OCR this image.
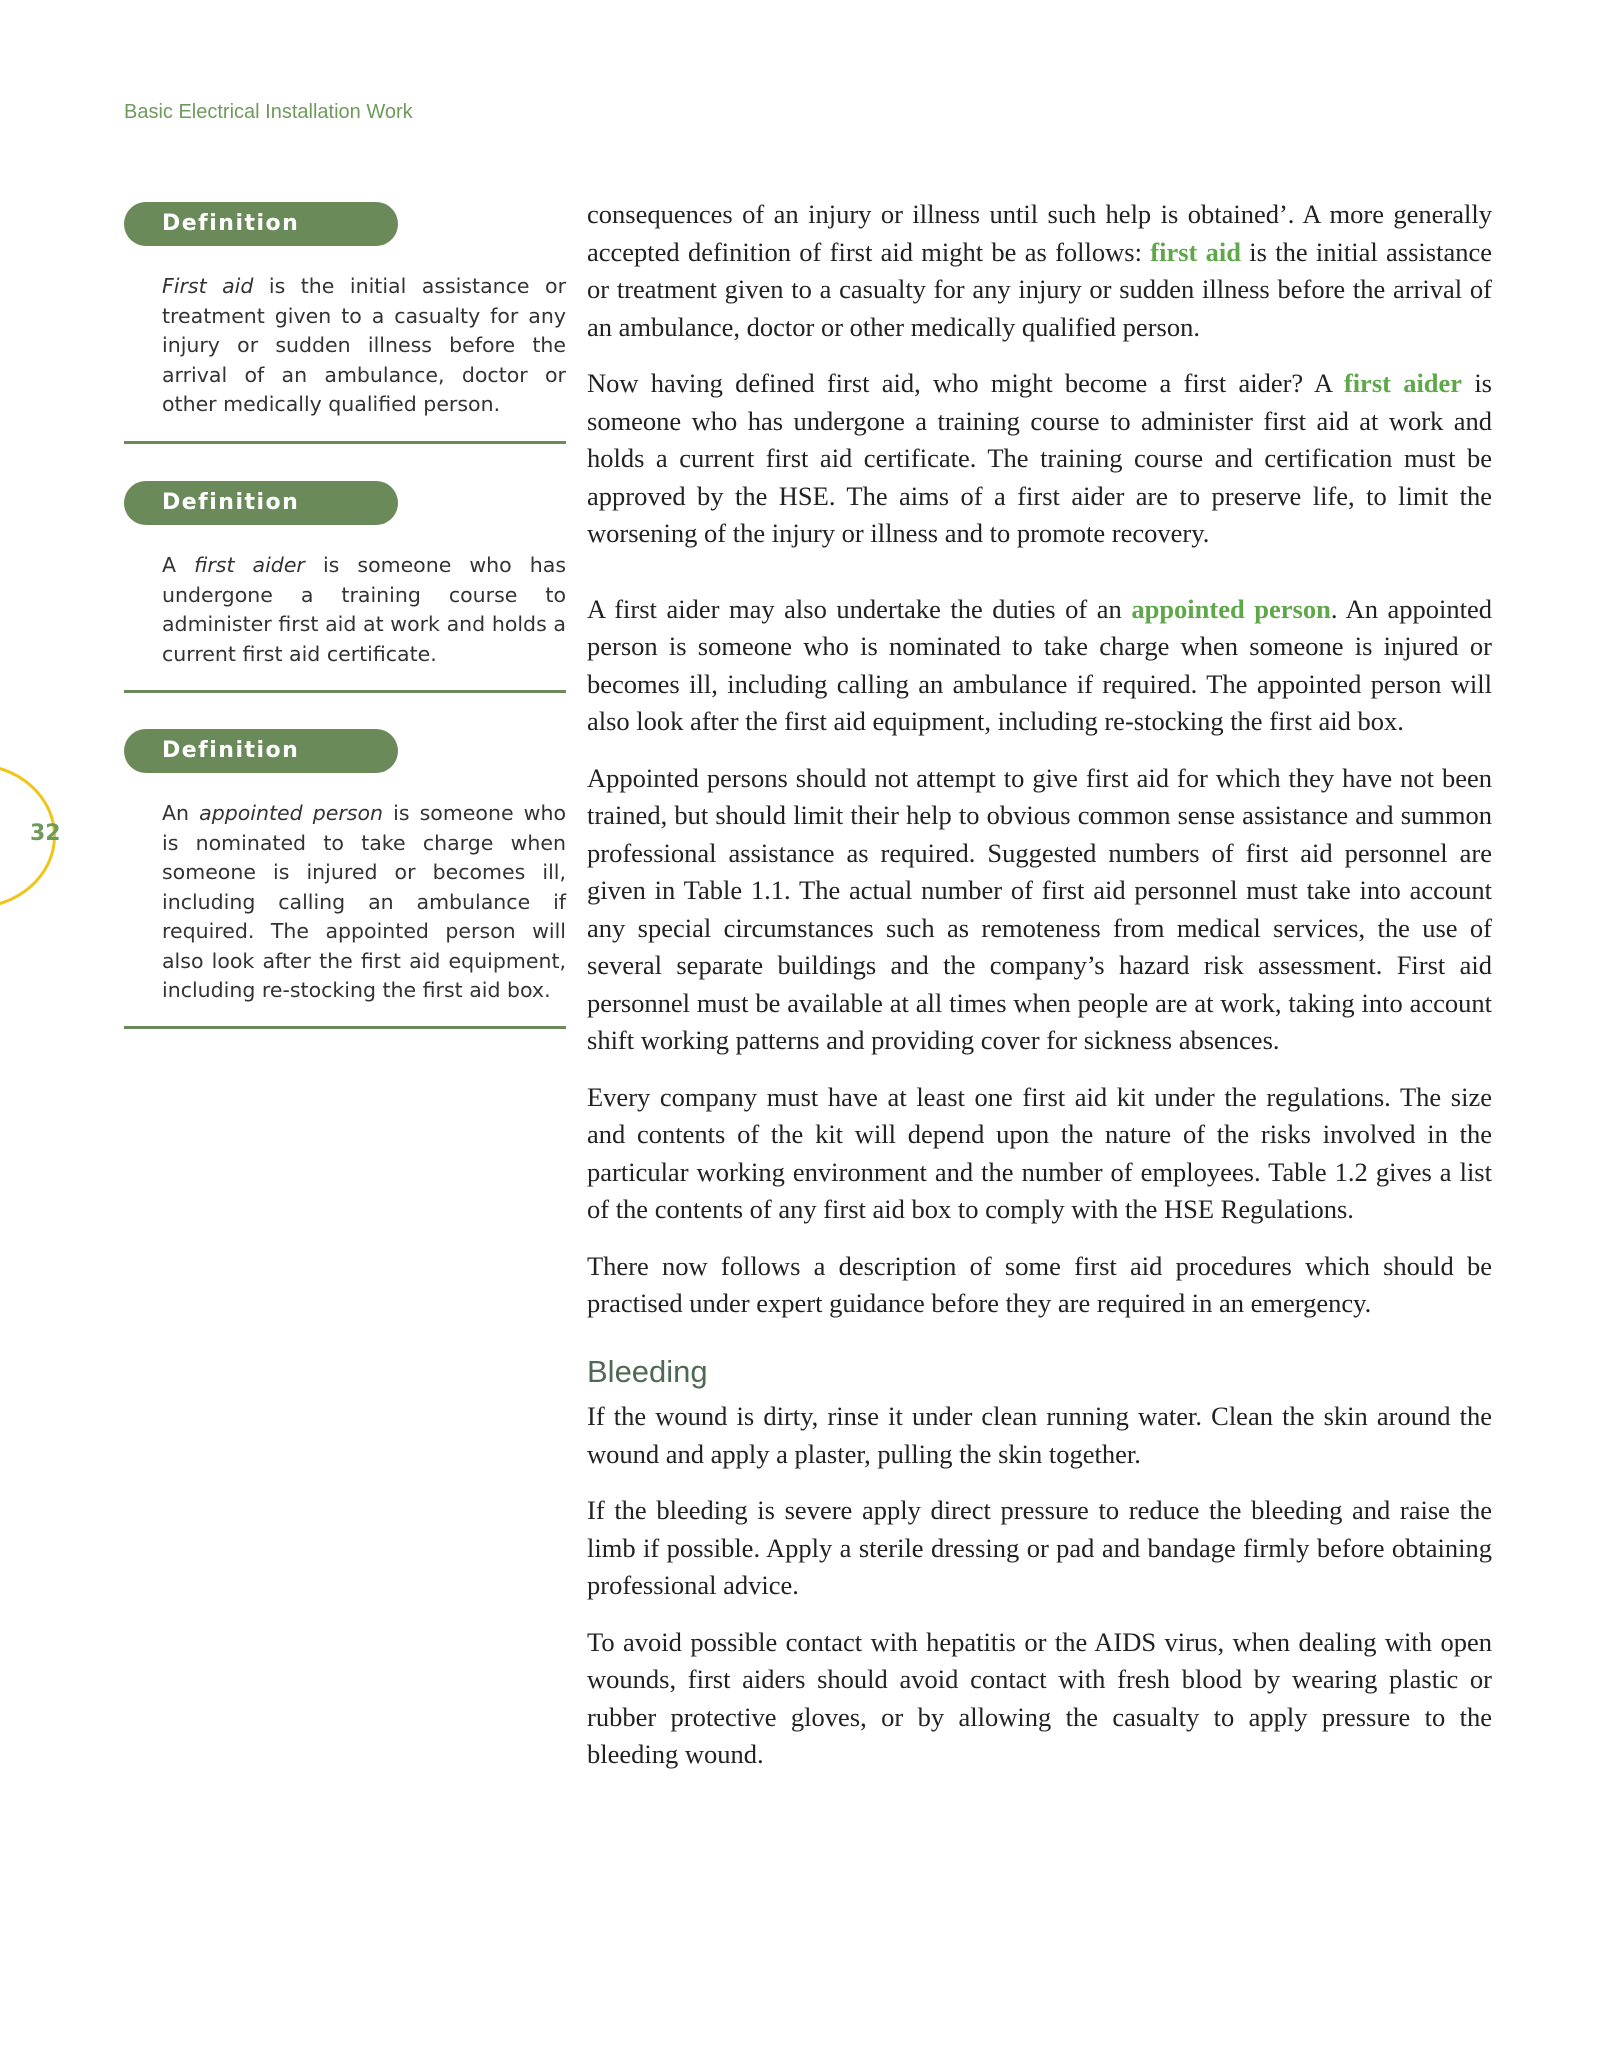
Basic Electrical Installation Work
32
Definition
First aid is the initial assistance or treatment given to a casualty for any injury or sudden illness before the arrival of an ambulance, doctor or other medically qualified person.
Definition
A first aider is someone who has undergone a training course to administer first aid at work and holds a current first aid certificate.
Definition
An appointed person is someone who is nominated to take charge when someone is injured or becomes ill, including calling an ambulance if required. The appointed person will also look after the first aid equipment, including re-stocking the first aid box.

consequences of an injury or illness until such help is obtained’. A more generally accepted definition of first aid might be as follows: first aid is the initial assistance or treatment given to a casualty for any injury or sudden illness before the arrival of an ambulance, doctor or other medically qualified person.

Now having defined first aid, who might become a first aider? A first aider is someone who has undergone a training course to administer first aid at work and holds a current first aid certificate. The training course and certification must be approved by the HSE. The aims of a first aider are to preserve life, to limit the worsening of the injury or illness and to promote recovery.

A first aider may also undertake the duties of an appointed person. An appointed person is someone who is nominated to take charge when someone is injured or becomes ill, including calling an ambulance if required. The appointed person will also look after the first aid equipment, including re-stocking the first aid box.

Appointed persons should not attempt to give first aid for which they have not been trained, but should limit their help to obvious common sense assistance and summon professional assistance as required. Suggested numbers of first aid personnel are given in Table 1.1. The actual number of first aid personnel must take into account any special circumstances such as remoteness from medical services, the use of several separate buildings and the company’s hazard risk assessment. First aid personnel must be available at all times when people are at work, taking into account shift working patterns and providing cover for sickness absences.

Every company must have at least one first aid kit under the regulations. The size and contents of the kit will depend upon the nature of the risks involved in the particular working environment and the number of employees. Table 1.2 gives a list of the contents of any first aid box to comply with the HSE Regulations.

There now follows a description of some first aid procedures which should be practised under expert guidance before they are required in an emergency.

Bleeding

If the wound is dirty, rinse it under clean running water. Clean the skin around the wound and apply a plaster, pulling the skin together.

If the bleeding is severe apply direct pressure to reduce the bleeding and raise the limb if possible. Apply a sterile dressing or pad and bandage firmly before obtaining professional advice.

To avoid possible contact with hepatitis or the AIDS virus, when dealing with open wounds, first aiders should avoid contact with fresh blood by wearing plastic or rubber protective gloves, or by allowing the casualty to apply pressure to the bleeding wound.
